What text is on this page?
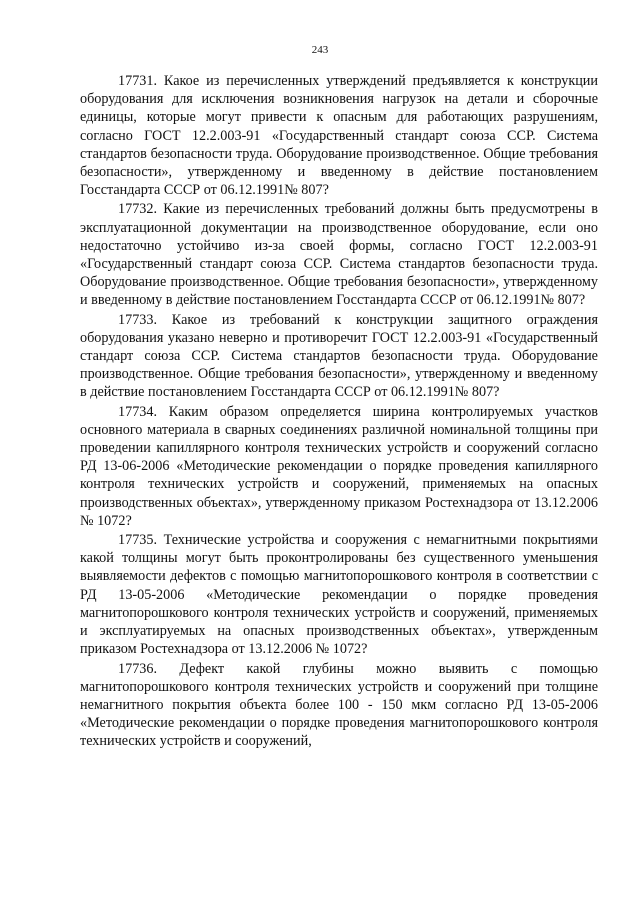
243

17731. Какое из перечисленных утверждений предъявляется к конструкции оборудования для исключения возникновения нагрузок на детали и сборочные единицы, которые могут привести к опасным для работающих разрушениям, согласно ГОСТ 12.2.003-91 «Государственный стандарт союза ССР. Система стандартов безопасности труда. Оборудование производственное. Общие требования безопасности», утвержденному и введенному в действие постановлением Госстандарта СССР от 06.12.1991№ 807?

17732. Какие из перечисленных требований должны быть предусмотрены в эксплуатационной документации на производственное оборудование, если оно недостаточно устойчиво из-за своей формы, согласно ГОСТ 12.2.003-91 «Государственный стандарт союза ССР. Система стандартов безопасности труда. Оборудование производственное. Общие требования безопасности», утвержденному и введенному в действие постановлением Госстандарта СССР от 06.12.1991№ 807?

17733. Какое из требований к конструкции защитного ограждения оборудования указано неверно и противоречит ГОСТ 12.2.003-91 «Государственный стандарт союза ССР. Система стандартов безопасности труда. Оборудование производственное. Общие требования безопасности», утвержденному и введенному в действие постановлением Госстандарта СССР от 06.12.1991№ 807?

17734. Каким образом определяется ширина контролируемых участков основного материала в сварных соединениях различной номинальной толщины при проведении капиллярного контроля технических устройств и сооружений согласно РД 13-06-2006 «Методические рекомендации о порядке проведения капиллярного контроля технических устройств и сооружений, применяемых на опасных производственных объектах», утвержденному приказом Ростехнадзора от 13.12.2006 № 1072?

17735. Технические устройства и сооружения с немагнитными покрытиями какой толщины могут быть проконтролированы без существенного уменьшения выявляемости дефектов с помощью магнитопорошкового контроля в соответствии с РД 13-05-2006 «Методические рекомендации о порядке проведения магнитопорошкового контроля технических устройств и сооружений, применяемых и эксплуатируемых на опасных производственных объектах», утвержденным приказом Ростехнадзора от 13.12.2006 № 1072?

17736. Дефект какой глубины можно выявить с помощью магнитопорошкового контроля технических устройств и сооружений при толщине немагнитного покрытия объекта более 100 - 150 мкм согласно РД 13-05-2006 «Методические рекомендации о порядке проведения магнитопорошкового контроля технических устройств и сооружений,
